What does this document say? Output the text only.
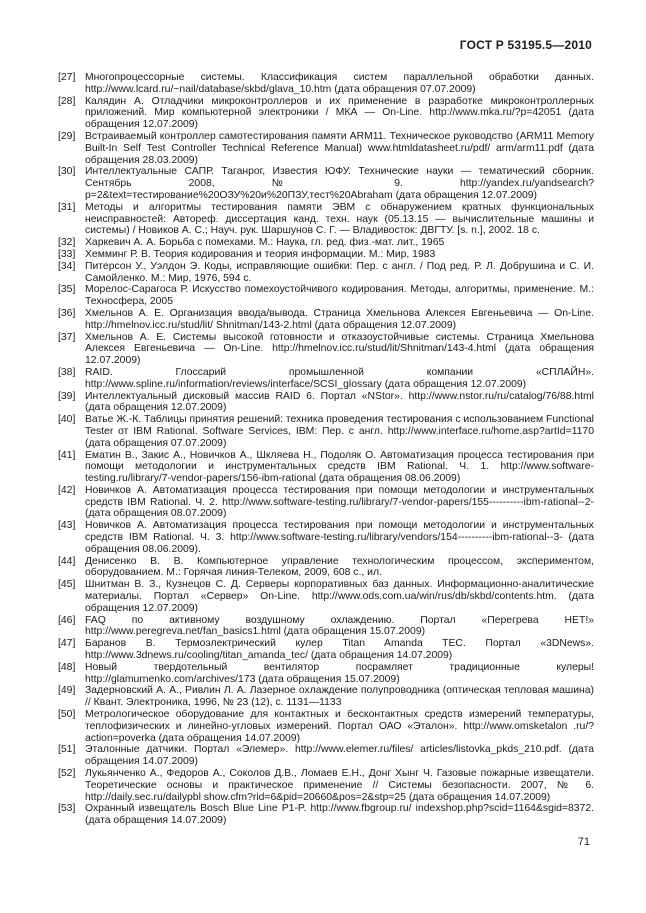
ГОСТ Р 53195.5—2010
[27] Многопроцессорные системы. Классификация систем параллельной обработки данных. http://www.lcard.ru/~nail/database/skbd/glava_10.htm (дата обращения 07.07.2009)
[28] Калядин А. Отладчики микроконтроллеров и их применение в разработке микроконтроллерных приложений. Мир компьютерной электроники / МКА — On-Line. http://www.mka.ru/?p=42051 (дата обращения 12.07.2009)
[29] Встраиваемый контроллер самотестирования памяти ARM11. Техническое руководство (ARM11 Memory Built-In Self Test Controller Technical Reference Manual) www.htmldatasheet.ru/pdf/ arm/arm11.pdf (дата обращения 28.03.2009)
[30] Интеллектуальные САПР. Таганрог, Известия ЮФУ. Технические науки — тематический сборник. Сентябрь 2008, № 9. http://yandex.ru/yandsearch?p=2&text=тестирование%20ОЗУ%20и%20ПЗУ,тест%20Abraham (дата обращения 12.07.2009)
[31] Методы и алгоритмы тестирования памяти ЭВМ с обнаружением кратных функциональных неисправностей: Автореф. диссертация канд. техн. наук (05.13.15 — вычислительные машины и системы) / Новиков А. С.; Науч. рук. Шаршунов С. Г. — Владивосток: ДВГТУ. [s. n.], 2002. 18 с.
[32] Харкевич А. А. Борьба с помехами. М.: Наука, гл. ред. физ.-мат. лит., 1965
[33] Хемминг Р. В. Теория кодирования и теория информации. М.: Мир, 1983
[34] Питерсон У., Уэлдон Э. Коды, исправляющие ошибки: Пер. с англ. / Под ред. Р. Л. Добрушина и С. И. Самойленко. М.: Мир, 1976, 594 с.
[35] Морелос-Сарагоса Р. Искусство помехоустойчивого кодирования. Методы, алгоритмы, применение. М.: Техносфера, 2005
[36] Хмельнов А. Е. Организация ввода/вывода. Страница Хмельнова Алексея Евгеньевича — On-Line. http://hmelnov.icc.ru/stud/lit/ Shnitman/143-2.html (дата обращения 12.07.2009)
[37] Хмельнов А. Е. Системы высокой готовности и отказоустойчивые системы. Страница Хмельнова Алексея Евгеньевича — On-Line. http://hmelnov.icc.ru/stud/lit/Shnitman/143-4.html (дата обращения 12.07.2009)
[38] RAID. Глоссарий промышленной компании «СПЛАЙН». http://www.spline.ru/information/reviews/interface/SCSI_glossary (дата обращения 12.07.2009)
[39] Интеллектуальный дисковый массив RAID 6. Портал «NStor». http://www.nstor.ru/ru/catalog/76/88.html (дата обращения 12.07.2009)
[40] Ватье Ж.-К. Таблицы принятия решений: техника проведения тестирования с использованием Functional Tester от IBM Rational. Software Services, IBM: Пер. с англ. http://www.interface.ru/home.asp?artId=1170 (дата обращения 07.07.2009)
[41] Ематин В., Закис А., Новичков А., Шкляева Н., Подоляк О. Автоматизация процесса тестирования при помощи методологии и инструментальных средств IBM Rational. Ч. 1. http://www.software-testing.ru/library/7-vendor-papers/156-ibm-rational (дата обращения 08.06.2009)
[42] Новичков А. Автоматизация процесса тестирования при помощи методологии и инструментальных средств IBM Rational. Ч. 2. http://www.software-testing.ru/library/7-vendor-papers/155----------ibm-rational--2- (дата обращения 08.07.2009)
[43] Новичков А. Автоматизация процесса тестирования при помощи методологии и инструментальных средств IBM Rational. Ч. 3. http://www.software-testing.ru/library/vendors/154----------ibm-rational--3- (дата обращения 08.06.2009).
[44] Денисенко В. В. Компьютерное управление технологическим процессом, экспериментом, оборудованием. М.: Горячая линия-Телеком, 2009, 608 с., ил.
[45] Шнитман В. З., Кузнецов С. Д. Серверы корпоративных баз данных. Информационно-аналитические материалы. Портал «Сервер» On-Line. http://www.ods.com.ua/win/rus/db/skbd/contents.htm. (дата обращения 12.07.2009)
[46] FAQ по активному воздушному охлаждению. Портал «Перегрева НЕТ!» http://www.peregreva.net/fan_basics1.html (дата обращения 15.07.2009)
[47] Баранов В. Термоэлектрический кулер Titan Amanda TEC. Портал «3DNews». http://www.3dnews.ru/cooling/titan_amanda_tec/ (дата обращения 14.07.2009)
[48] Новый твердотельный вентилятор посрамляет традиционные кулеры! http://glamurnenko.com/archives/173 (дата обращения 15.07.2009)
[49] Задерновский А. А., Ривлин Л. А. Лазерное охлаждение полупроводника (оптическая тепловая машина) // Квант. Электроника, 1996, № 23 (12), с. 1131—1133
[50] Метрологическое оборудование для контактных и бесконтактных средств измерений температуры, теплофизических и линейно-угловых измерений. Портал ОАО «Эталон». http://www.omsketalon .ru/?action=poverka (дата обращения 14.07.2009)
[51] Эталонные датчики. Портал «Элемер». http://www.elemer.ru/files/ articles/listovka_pkds_210.pdf. (дата обращения 14.07.2009)
[52] Лукьянченко А., Федоров А., Соколов Д.В., Ломаев Е.Н., Донг Хынг Ч. Газовые пожарные извещатели. Теоретические основы и практическое применение // Системы безопасности. 2007, № 6. http://daily.sec.ru/dailypbl show.cfm?rid=6&pid=20660&pos=2&stp=25 (дата обращения 14.07.2009)
[53] Охранный извещатель Bosch Blue Line P1-P. http://www.fbgroup.ru/ indexshop.php?scid=1164&sgid=8372. (дата обращения 14.07.2009)
71
